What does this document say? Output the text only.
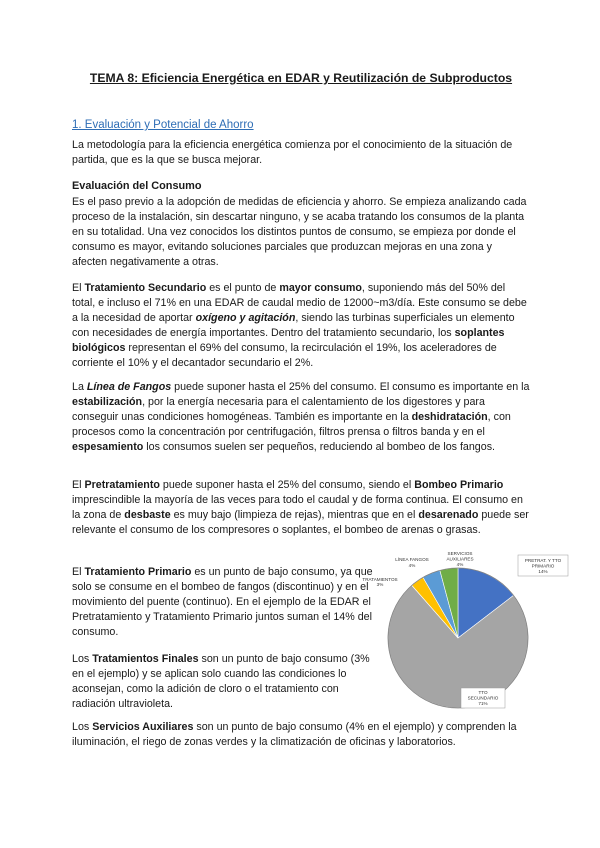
TEMA 8: Eficiencia Energética en EDAR y Reutilización de Subproductos
1. Evaluación y Potencial de Ahorro

La metodología para la eficiencia energética comienza por el conocimiento de la situación de partida, que es la que se busca mejorar.

Evaluación del Consumo

Es el paso previo a la adopción de medidas de eficiencia y ahorro. Se empieza analizando cada proceso de la instalación, sin descartar ninguno, y se acaba tratando los consumos de la planta en su totalidad. Una vez conocidos los distintos puntos de consumo, se empieza por donde el consumo es mayor, evitando soluciones parciales que produzcan mejoras en una zona y afecten negativamente a otras.

El Tratamiento Secundario es el punto de mayor consumo, suponiendo más del 50% del total, e incluso el 71% en una EDAR de caudal medio de 12000~m3/día. Este consumo se debe a la necesidad de aportar oxígeno y agitación, siendo las turbinas superficiales un elemento con necesidades de energía importantes. Dentro del tratamiento secundario, los soplantes biológicos representan el 69% del consumo, la recirculación el 19%, los aceleradores de corriente el 10% y el decantador secundario el 2%.

La Línea de Fangos puede suponer hasta el 25% del consumo. El consumo es importante en la estabilización, por la energía necesaria para el calentamiento de los digestores y para conseguir unas condiciones homogéneas. También es importante en la deshidratación, con procesos como la concentración por centrifugación, filtros prensa o filtros banda y en el espesamiento los consumos suelen ser pequeños, reduciendo al bombeo de los fangos.

El Pretratamiento puede suponer hasta el 25% del consumo, siendo el Bombeo Primario imprescindible la mayoría de las veces para todo el caudal y de forma continua. El consumo en la zona de desbaste es muy bajo (limpieza de rejas), mientras que en el desarenado puede ser relevante el consumo de los compresores o soplantes, el bombeo de arenas o grasas.

El Tratamiento Primario es un punto de bajo consumo, ya que solo se consume en el bombeo de fangos (discontinuo) y en el movimiento del puente (continuo). En el ejemplo de la EDAR el Pretratamiento y Tratamiento Primario juntos suman el 14% del consumo.

Los Tratamientos Finales son un punto de bajo consumo (3% en el ejemplo) y se aplican solo cuando las condiciones lo aconsejan, como la adición de cloro o el tratamiento con radiación ultravioleta.

Los Servicios Auxiliares son un punto de bajo consumo (4% en el ejemplo) y comprenden la iluminación, el riego de zonas verdes y la climatización de oficinas y laboratorios.

PRETRAT. Y TTO
PRIMARIO
14%
TTO
SECUNDARIO
71%
TRATAMIENTOS
3%
LÍNEA FANGOS
4%
SERVICIOS
AUXILIARES
4%
